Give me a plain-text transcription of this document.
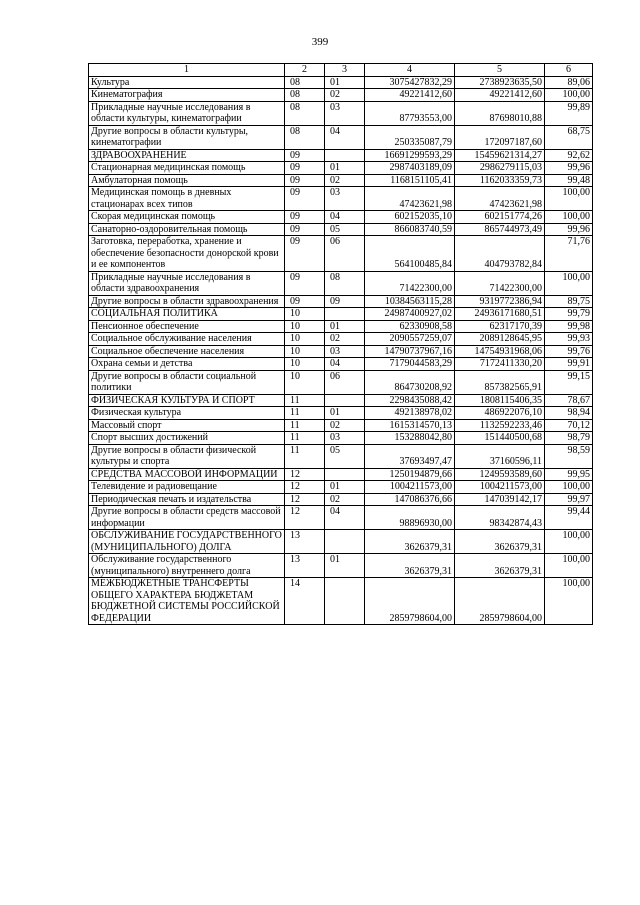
399
1	2	3	4	5	6
Культура	08	01	3075427832,29	2738923635,50	89,06
Кинематография	08	02	49221412,60	49221412,60	100,00
Прикладные научные исследования в области культуры, кинематографии	08	03	87793553,00	87698010,88	99,89
Другие вопросы в области культуры, кинематографии	08	04	250335087,79	172097187,60	68,75
ЗДРАВООХРАНЕНИЕ	09		16691299593,29	15459621314,27	92,62
Стационарная медицинская помощь	09	01	2987403189,09	2986279115,03	99,96
Амбулаторная помощь	09	02	1168151105,41	1162033359,73	99,48
Медицинская помощь в дневных стационарах всех типов	09	03	47423621,98	47423621,98	100,00
Скорая медицинская помощь	09	04	602152035,10	602151774,26	100,00
Санаторно-оздоровительная помощь	09	05	866083740,59	865744973,49	99,96
Заготовка, переработка, хранение и обеспечение безопасности донорской крови и ее компонентов	09	06	564100485,84	404793782,84	71,76
Прикладные научные исследования в области здравоохранения	09	08	71422300,00	71422300,00	100,00
Другие вопросы в области здравоохранения	09	09	10384563115,28	9319772386,94	89,75
СОЦИАЛЬНАЯ ПОЛИТИКА	10		24987400927,02	24936171680,51	99,79
Пенсионное обеспечение	10	01	62330908,58	62317170,39	99,98
Социальное обслуживание населения	10	02	2090557259,07	2089128645,95	99,93
Социальное обеспечение населения	10	03	14790737967,16	14754931968,06	99,76
Охрана семьи и детства	10	04	7179044583,29	7172411330,20	99,91
Другие вопросы в области социальной политики	10	06	864730208,92	857382565,91	99,15
ФИЗИЧЕСКАЯ КУЛЬТУРА И СПОРТ	11		2298435088,42	1808115406,35	78,67
Физическая культура	11	01	492138978,02	486922076,10	98,94
Массовый спорт	11	02	1615314570,13	1132592233,46	70,12
Спорт высших достижений	11	03	153288042,80	151440500,68	98,79
Другие вопросы в области физической культуры и спорта	11	05	37693497,47	37160596,11	98,59
СРЕДСТВА МАССОВОЙ ИНФОРМАЦИИ	12		1250194879,66	1249593589,60	99,95
Телевидение и радиовещание	12	01	1004211573,00	1004211573,00	100,00
Периодическая печать и издательства	12	02	147086376,66	147039142,17	99,97
Другие вопросы в области средств массовой информации	12	04	98896930,00	98342874,43	99,44
ОБСЛУЖИВАНИЕ ГОСУДАРСТВЕННОГО (МУНИЦИПАЛЬНОГО) ДОЛГА	13		3626379,31	3626379,31	100,00
Обслуживание государственного (муниципального) внутреннего долга	13	01	3626379,31	3626379,31	100,00
МЕЖБЮДЖЕТНЫЕ ТРАНСФЕРТЫ ОБЩЕГО ХАРАКТЕРА БЮДЖЕТАМ БЮДЖЕТНОЙ СИСТЕМЫ РОССИЙСКОЙ ФЕДЕРАЦИИ	14		2859798604,00	2859798604,00	100,00
